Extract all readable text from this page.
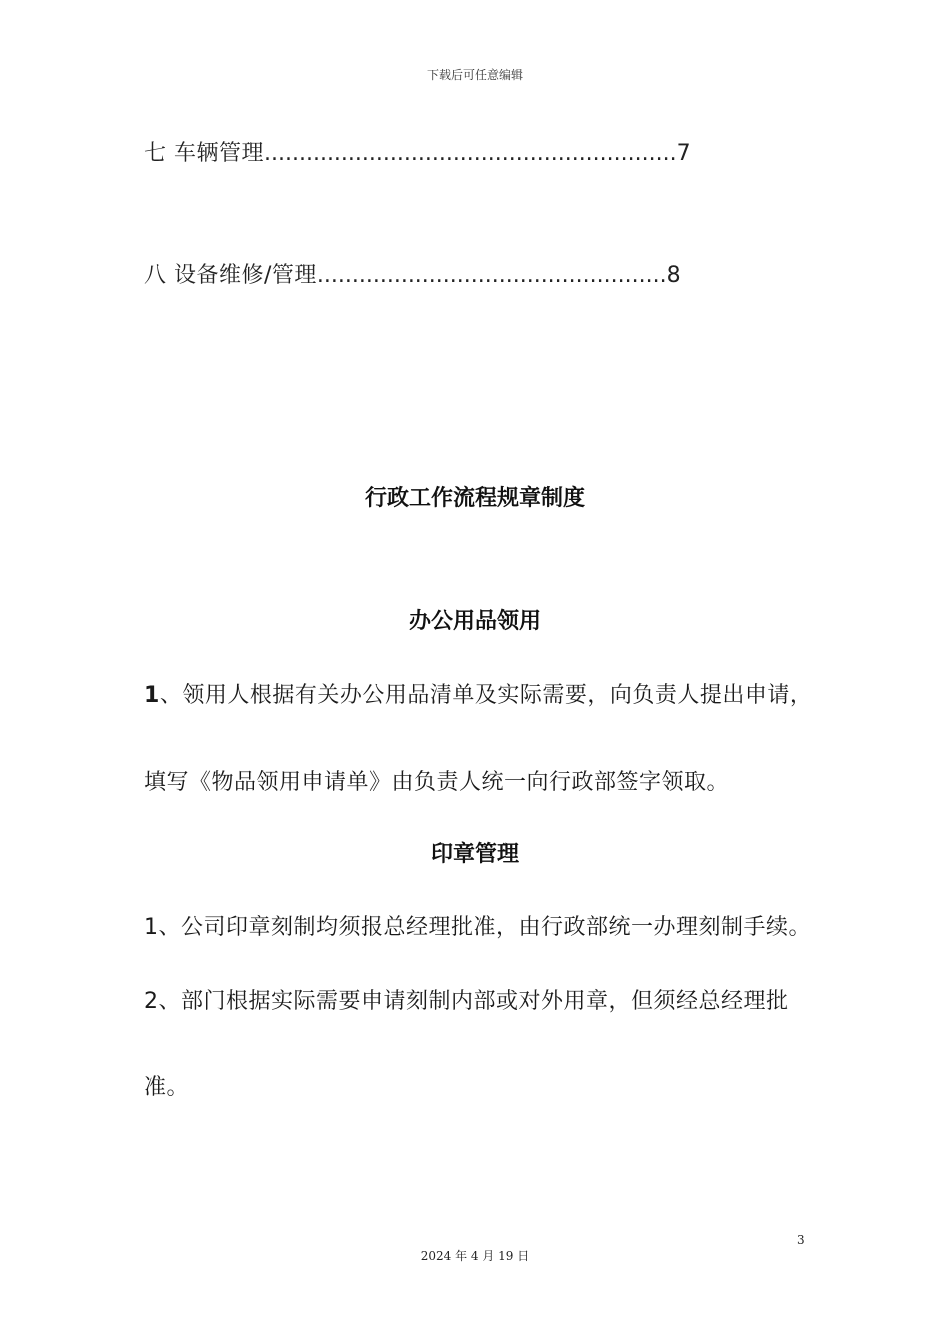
下载后可任意编辑
七 车辆管理...........................................................7
八 设备维修/管理..................................................8
行政工作流程规章制度
办公用品领用
1、领用人根据有关办公用品清单及实际需要，向负责人提出申请，
填写《物品领用申请单》由负责人统一向行政部签字领取。
印章管理
1、公司印章刻制均须报总经理批准，由行政部统一办理刻制手续。
2、部门根据实际需要申请刻制内部或对外用章，但须经总经理批
准。
3
2024 年 4 月 19 日
